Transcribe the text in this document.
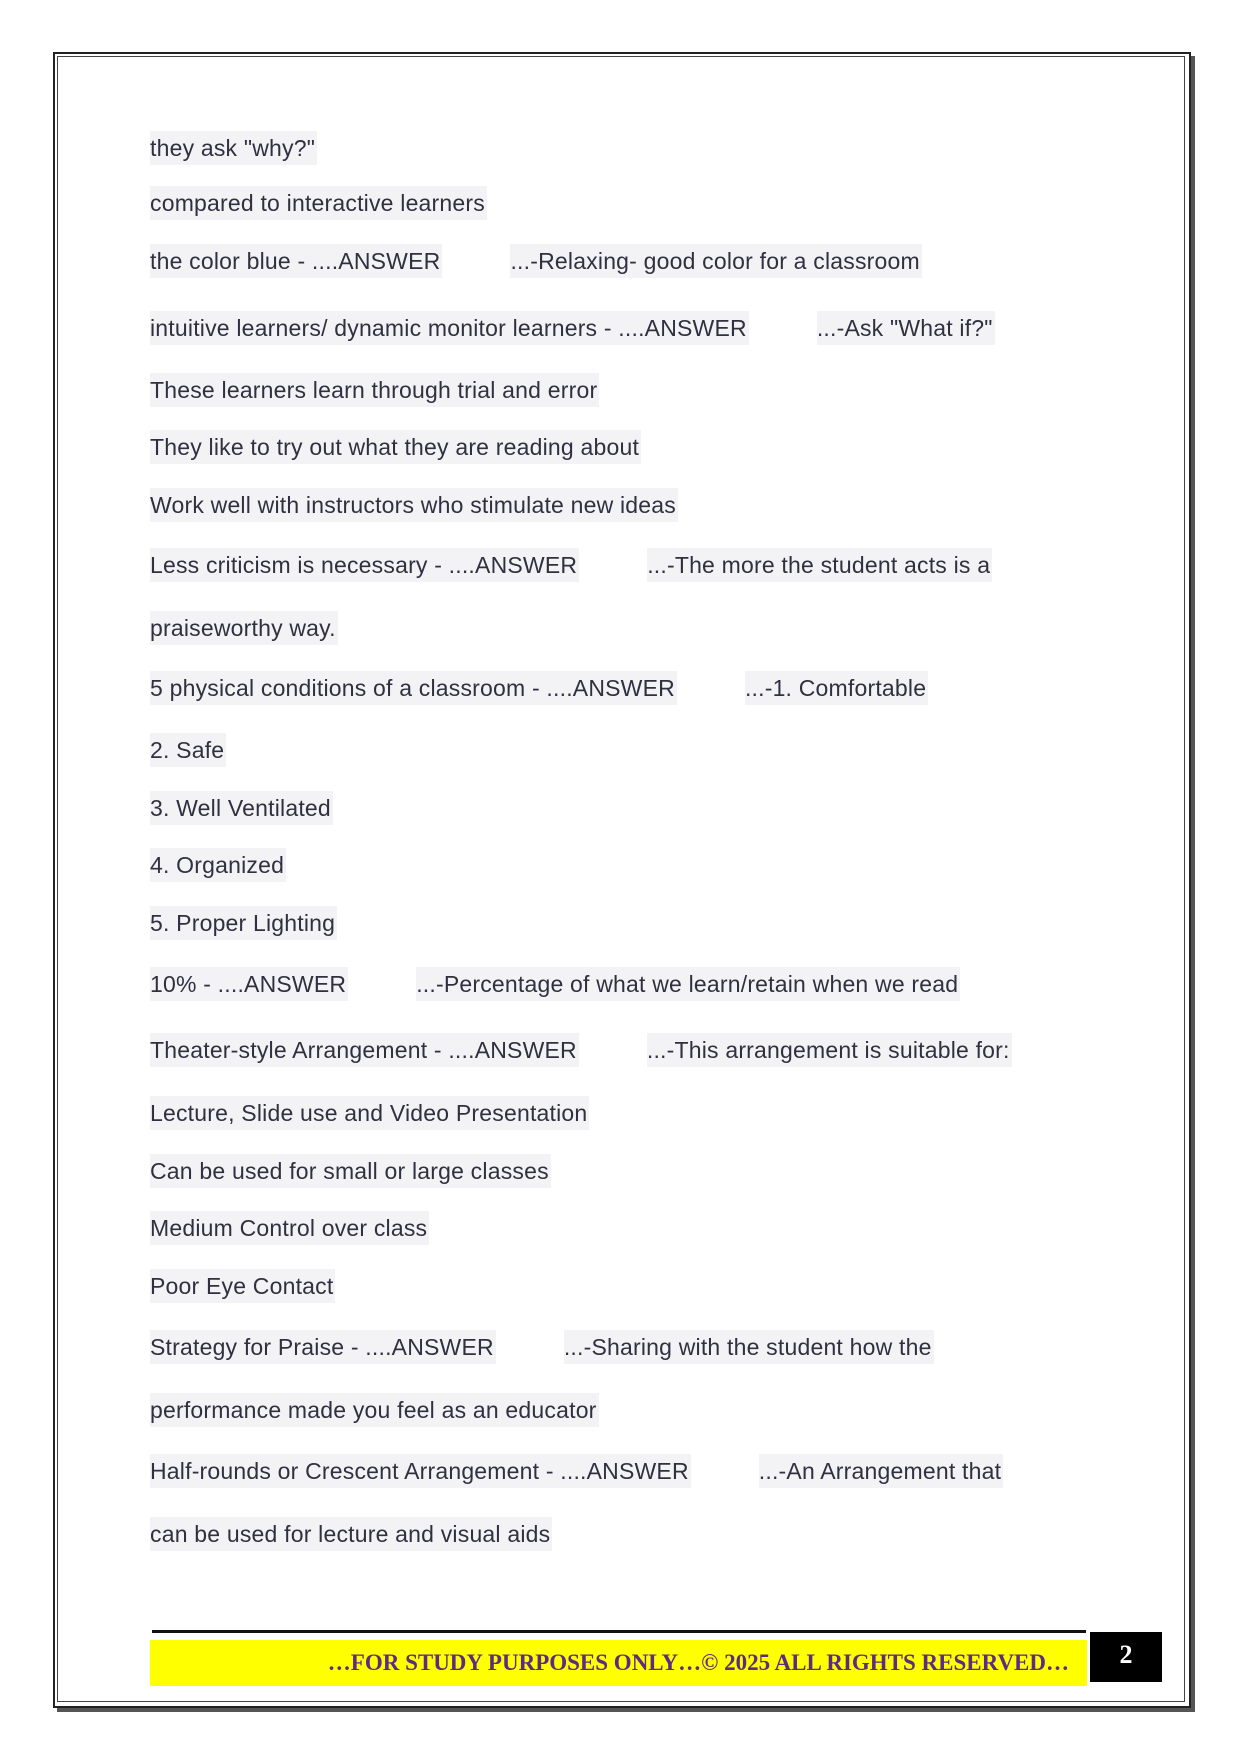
they ask "why?"
compared to interactive learners
the color blue - ....ANSWER	...-Relaxing- good color for a classroom
intuitive learners/ dynamic monitor learners - ....ANSWER	...-Ask "What if?"
These learners learn through trial and error
They like to try out what they are reading about
Work well with instructors who stimulate new ideas
Less criticism is necessary - ....ANSWER	...-The more the student acts is a
praiseworthy way.
5 physical conditions of a classroom - ....ANSWER	...-1. Comfortable
2. Safe
3. Well Ventilated
4. Organized
5. Proper Lighting
10% - ....ANSWER	...-Percentage of what we learn/retain when we read
Theater-style Arrangement - ....ANSWER	...-This arrangement is suitable for:
Lecture, Slide use and Video Presentation
Can be used for small or large classes
Medium Control over class
Poor Eye Contact
Strategy for Praise - ....ANSWER	...-Sharing with the student how the
performance made you feel as an educator
Half-rounds or Crescent Arrangement - ....ANSWER	...-An Arrangement that
can be used for lecture and visual aids
…FOR STUDY PURPOSES ONLY…© 2025 ALL RIGHTS RESERVED…	2
